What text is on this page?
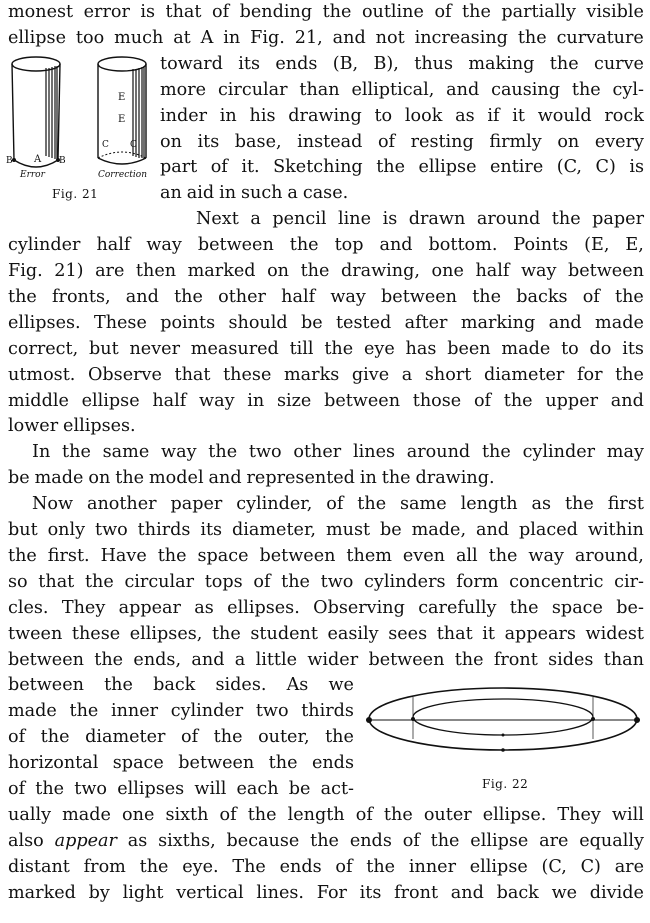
A
B	B
C C
E
E
Error	Correction
Fig. 21
Fig. 22
monest error is that of bending the outline of the partially visible
ellipse too much at A in Fig. 21, and not increasing the curvature
toward its ends (B, B), thus making the curve
more circular than elliptical, and causing the cyl-
inder in his drawing to look as if it would rock
on its base, instead of resting firmly on every
part of it. Sketching the ellipse entire (C, C) is
an aid in such a case.
Next a pencil line is drawn around the paper
cylinder half way between the top and bottom. Points (E, E,
Fig. 21) are then marked on the drawing, one half way between
the fronts, and the other half way between the backs of the
ellipses. These points should be tested after marking and made
correct, but never measured till the eye has been made to do its
utmost. Observe that these marks give a short diameter for the
middle ellipse half way in size between those of the upper and
lower ellipses.
In the same way the two other lines around the cylinder may
be made on the model and represented in the drawing.
Now another paper cylinder, of the same length as the first
but only two thirds its diameter, must be made, and placed within
the first. Have the space between them even all the way around,
so that the circular tops of the two cylinders form concentric cir-
cles. They appear as ellipses. Observing carefully the space be-
tween these ellipses, the student easily sees that it appears widest
between the ends, and a little wider between the front sides than
between the back sides. As we
made the inner cylinder two thirds
of the diameter of the outer, the
horizontal space between the ends
of the two ellipses will each be act-
ually made one sixth of the length of the outer ellipse. They will
also appear as sixths, because the ends of the ellipse are equally
distant from the eye. The ends of the inner ellipse (C, C) are
marked by light vertical lines. For its front and back we divide
